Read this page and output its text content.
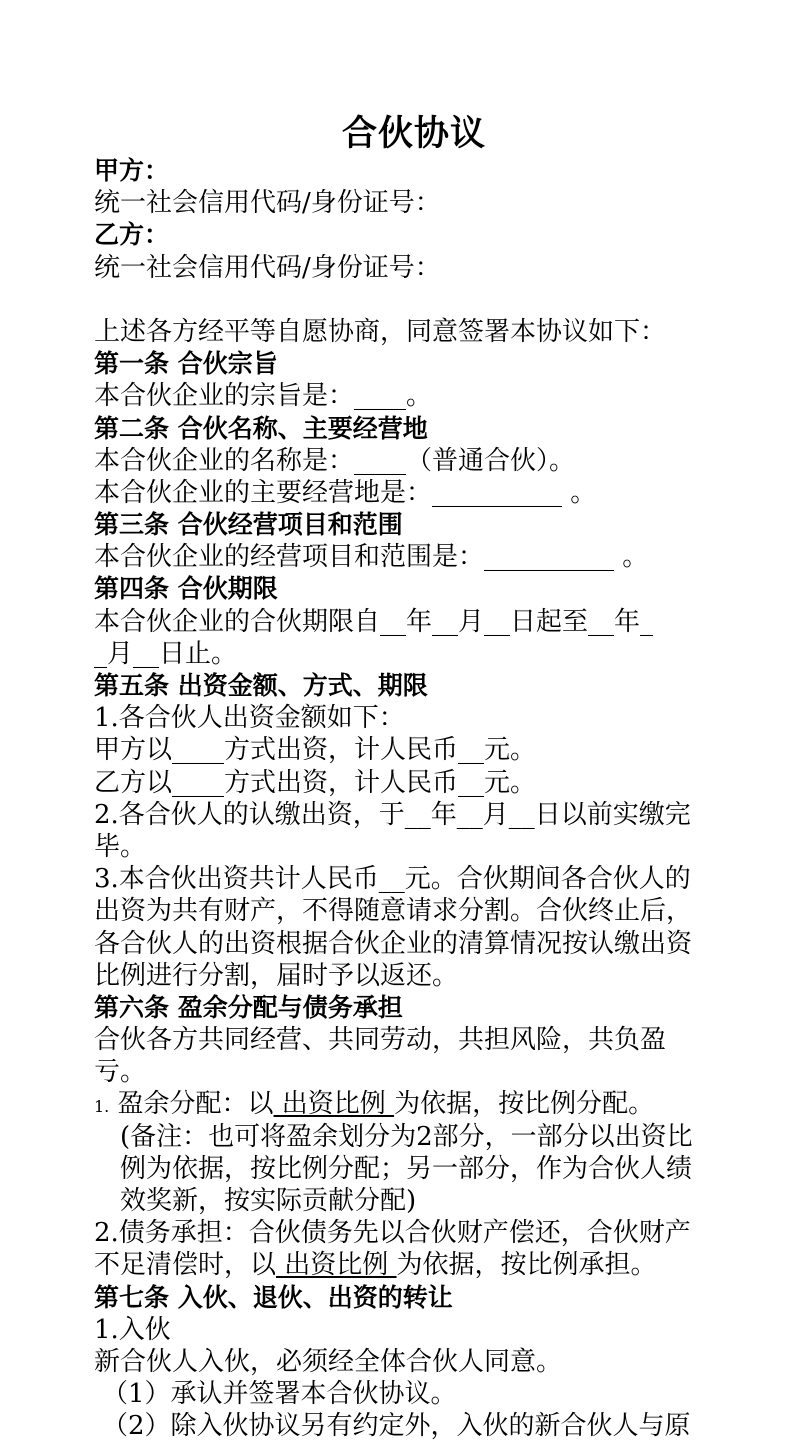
合伙协议
甲方：
统一社会信用代码/身份证号：
乙方：
统一社会信用代码/身份证号：
上述各方经平等自愿协商，同意签署本协议如下：
第一条 合伙宗旨
本合伙企业的宗旨是：____。
第二条 合伙名称、主要经营地
本合伙企业的名称是：____（普通合伙）。
本合伙企业的主要经营地是：__________ 。
第三条 合伙经营项目和范围
本合伙企业的经营项目和范围是：__________ 。
第四条 合伙期限
本合伙企业的合伙期限自__年__月__日起至__年_
_月__日止。
第五条 出资金额、方式、期限
1.各合伙人出资金额如下：
甲方以____方式出资，计人民币__元。
乙方以____方式出资，计人民币__元。
2.各合伙人的认缴出资，于__年__月__日以前实缴完
毕。
3.本合伙出资共计人民币__元。合伙期间各合伙人的
出资为共有财产，不得随意请求分割。合伙终止后，
各合伙人的出资根据合伙企业的清算情况按认缴出资
比例进行分割，届时予以返还。
第六条 盈余分配与债务承担
合伙各方共同经营、共同劳动，共担风险，共负盈
亏。
1. 盈余分配：以 出资比例 为依据，按比例分配。
(备注：也可将盈余划分为2部分，一部分以出资比
例为依据，按比例分配；另一部分，作为合伙人绩
效奖新，按实际贡献分配)
2.债务承担：合伙债务先以合伙财产偿还，合伙财产
不足清偿时，以 出资比例 为依据，按比例承担。
第七条 入伙、退伙、出资的转让
1.入伙
新合伙人入伙，必须经全体合伙人同意。
（1）承认并签署本合伙协议。
（2）除入伙协议另有约定外，入伙的新合伙人与原
